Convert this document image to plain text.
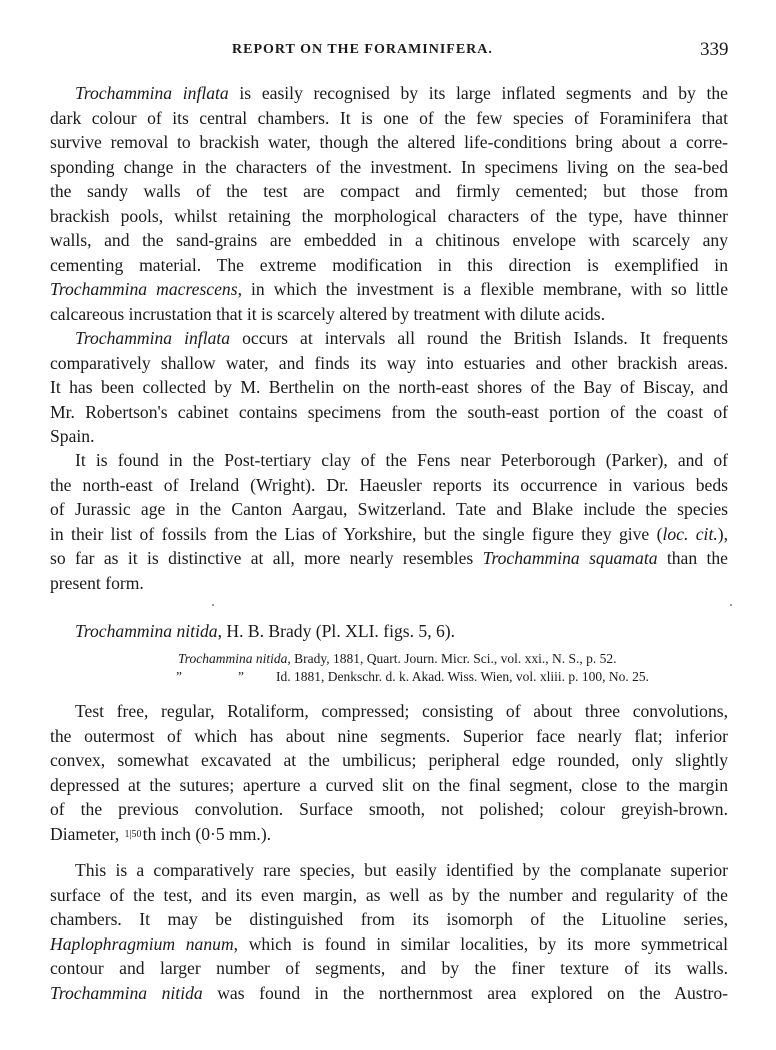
REPORT ON THE FORAMINIFERA.	339
Trochammina nitida, H. B. Brady (Pl. XLI. figs. 5, 6).
Trochammina nitida, Brady, 1881, Quart. Journ. Micr. Sci., vol. xxi., N. S., p. 52.
”	” Id. 1881, Denkschr. d. k. Akad. Wiss. Wien, vol. xliii. p. 100, No. 25.
Trochammina inflata is easily recognised by its large inflated segments and by the
dark colour of its central chambers. It is one of the few species of Foraminifera that
survive removal to brackish water, though the altered life-conditions bring about a corre-
sponding change in the characters of the investment. In specimens living on the sea-bed
the sandy walls of the test are compact and firmly cemented; but those from
brackish pools, whilst retaining the morphological characters of the type, have thinner
walls, and the sand-grains are embedded in a chitinous envelope with scarcely any
cementing material. The extreme modification in this direction is exemplified in
Trochammina macrescens, in which the investment is a flexible membrane, with so little
calcareous incrustation that it is scarcely altered by treatment with dilute acids.
Trochammina inflata occurs at intervals all round the British Islands. It frequents
comparatively shallow water, and finds its way into estuaries and other brackish areas.
It has been collected by M. Berthelin on the north-east shores of the Bay of Biscay, and
Mr. Robertson's cabinet contains specimens from the south-east portion of the coast of
Spain.
It is found in the Post-tertiary clay of the Fens near Peterborough (Parker), and of
the north-east of Ireland (Wright). Dr. Haeusler reports its occurrence in various beds
of Jurassic age in the Canton Aargau, Switzerland. Tate and Blake include the species
in their list of fossils from the Lias of Yorkshire, but the single figure they give (loc. cit.),
so far as it is distinctive at all, more nearly resembles Trochammina squamata than the
present form.
Test free, regular, Rotaliform, compressed; consisting of about three convolutions,
the outermost of which has about nine segments. Superior face nearly flat; inferior
convex, somewhat excavated at the umbilicus; peripheral edge rounded, only slightly
depressed at the sutures; aperture a curved slit on the final segment, close to the margin
of the previous convolution. Surface smooth, not polished; colour greyish-brown.
Diameter, 1|50th inch (0·5 mm.).
This is a comparatively rare species, but easily identified by the complanate superior
surface of the test, and its even margin, as well as by the number and regularity of the
chambers. It may be distinguished from its isomorph of the Lituoline series,
Haplophragmium nanum, which is found in similar localities, by its more symmetrical
contour and larger number of segments, and by the finer texture of its walls.
Trochammina nitida was found in the northernmost area explored on the Austro-
